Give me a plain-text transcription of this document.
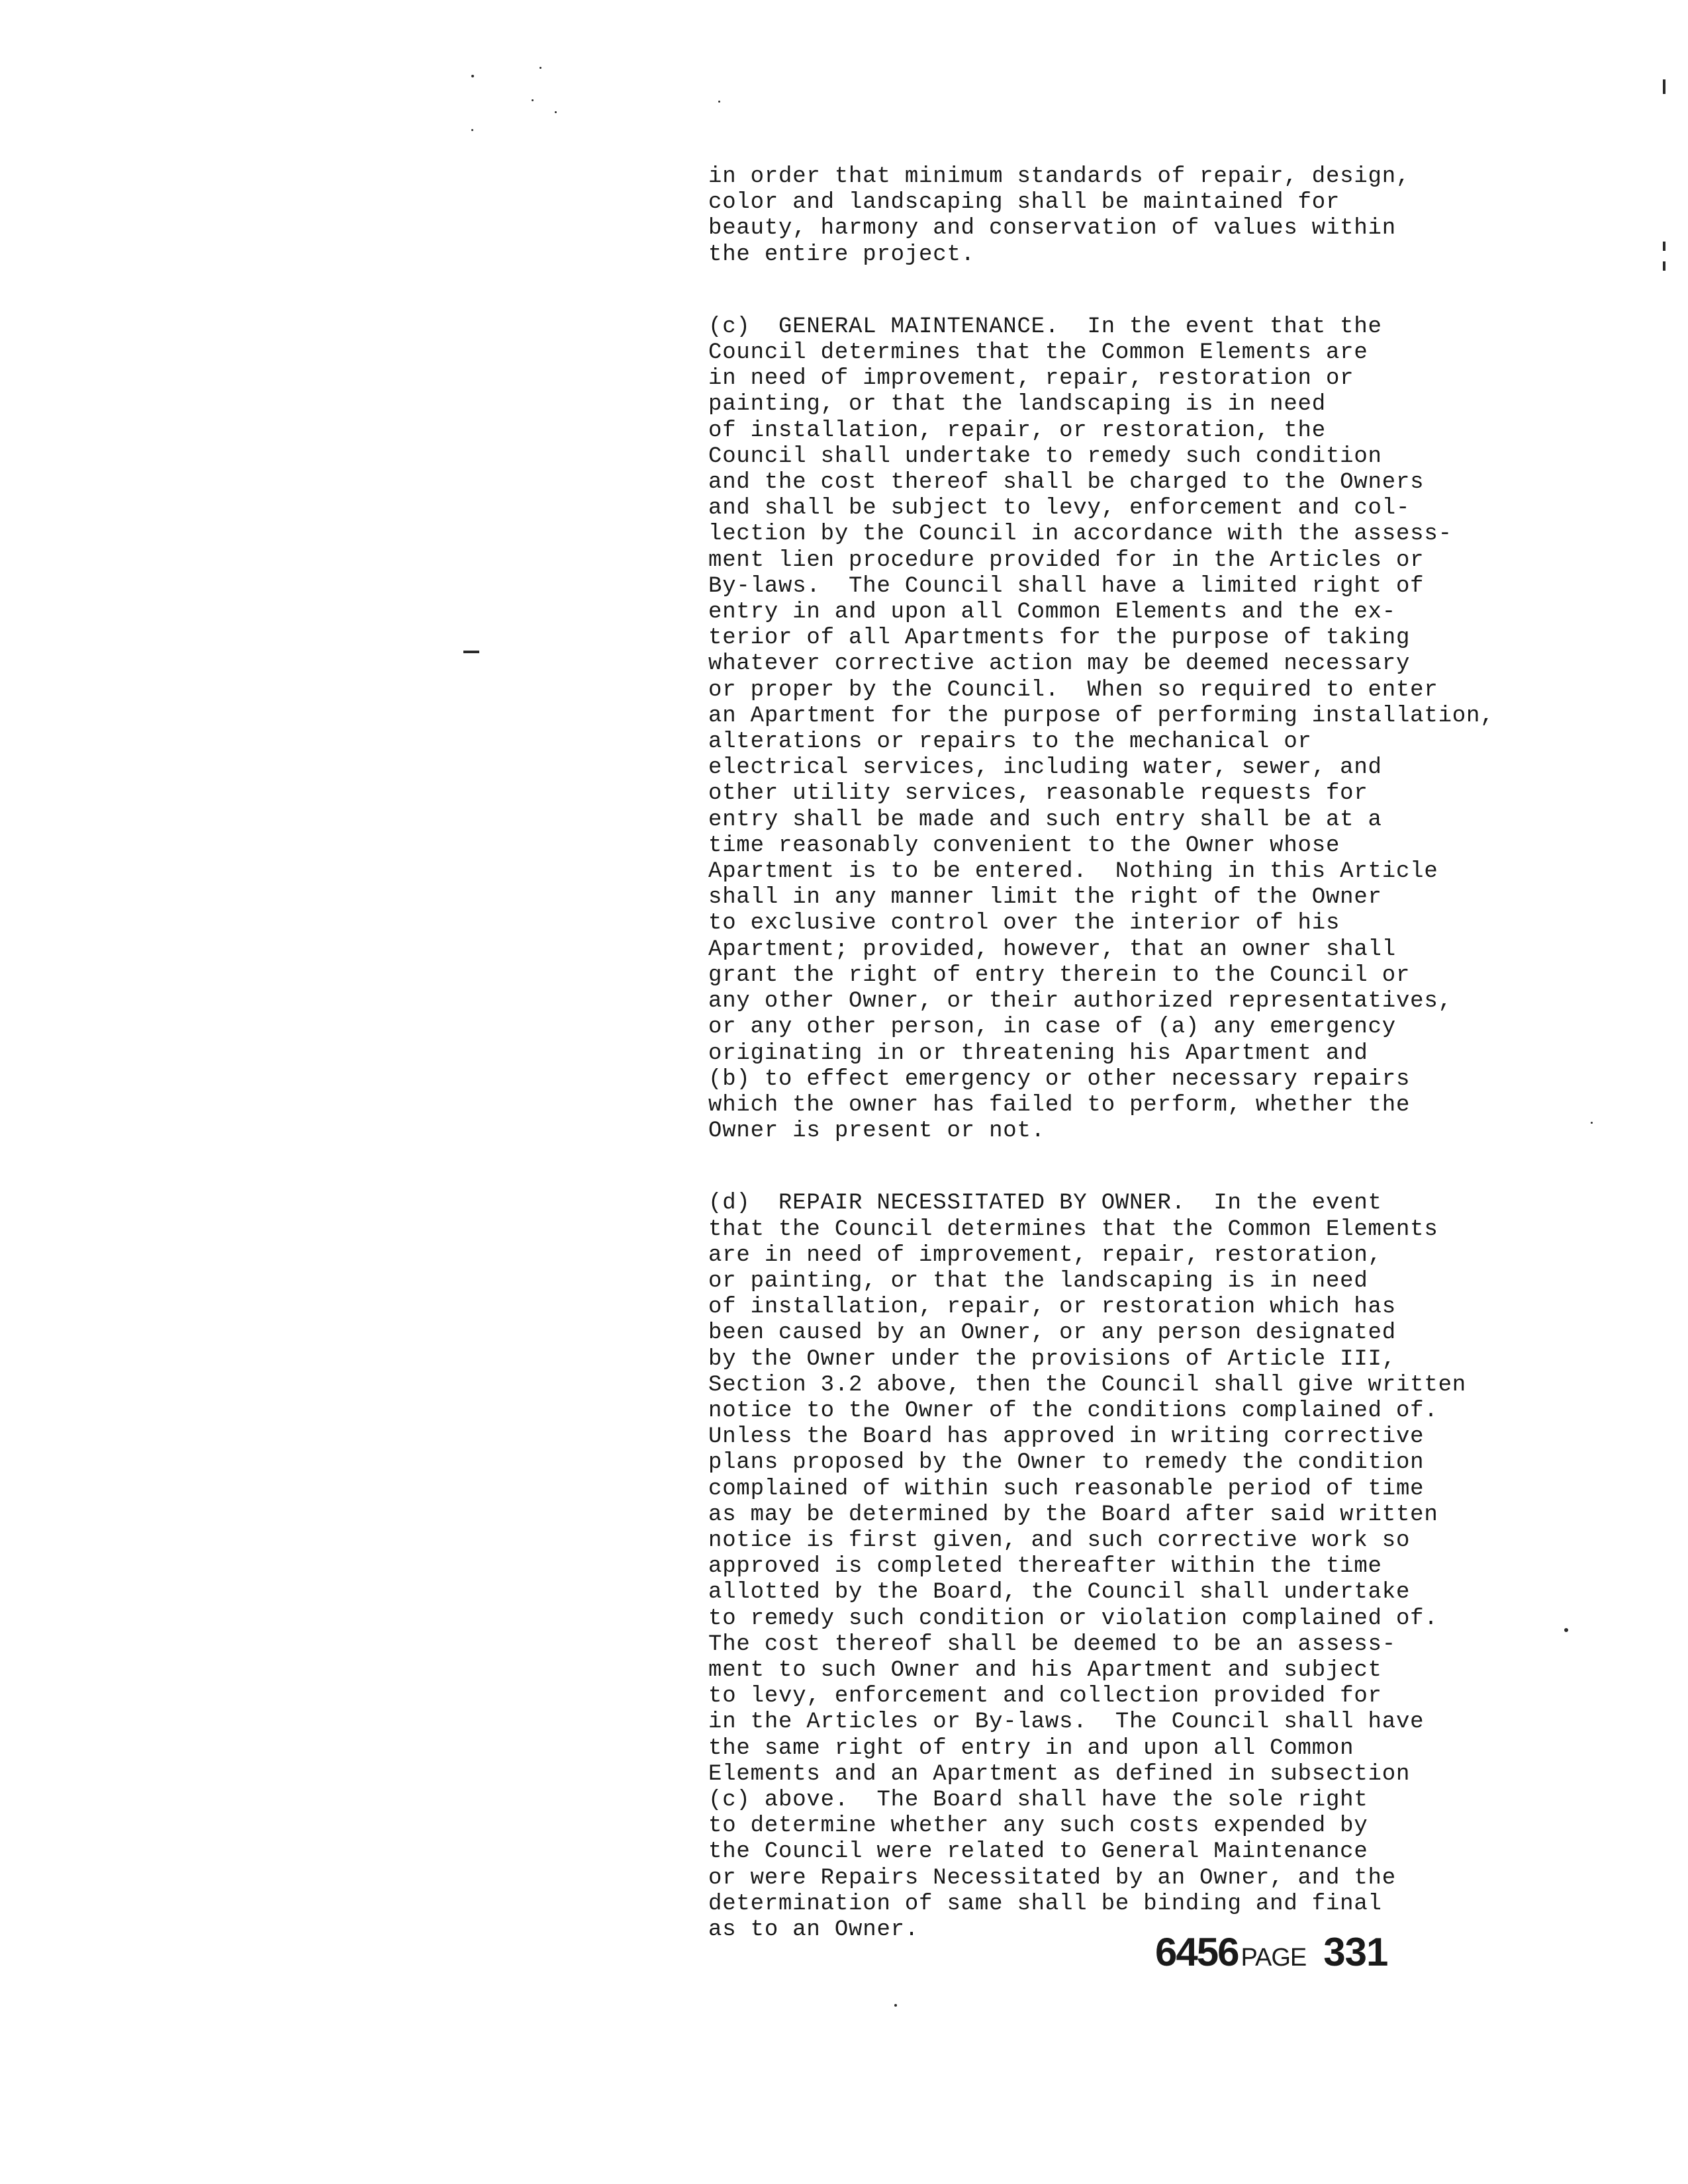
in order that minimum standards of repair, design,
color and landscaping shall be maintained for
beauty, harmony and conservation of values within
the entire project.

(c)  GENERAL MAINTENANCE.  In the event that the
Council determines that the Common Elements are
in need of improvement, repair, restoration or
painting, or that the landscaping is in need
of installation, repair, or restoration, the
Council shall undertake to remedy such condition
and the cost thereof shall be charged to the Owners
and shall be subject to levy, enforcement and col-
lection by the Council in accordance with the assess-
ment lien procedure provided for in the Articles or
By-laws.  The Council shall have a limited right of
entry in and upon all Common Elements and the ex-
terior of all Apartments for the purpose of taking
whatever corrective action may be deemed necessary
or proper by the Council.  When so required to enter
an Apartment for the purpose of performing installation,
alterations or repairs to the mechanical or
electrical services, including water, sewer, and
other utility services, reasonable requests for
entry shall be made and such entry shall be at a
time reasonably convenient to the Owner whose
Apartment is to be entered.  Nothing in this Article
shall in any manner limit the right of the Owner
to exclusive control over the interior of his
Apartment; provided, however, that an owner shall
grant the right of entry therein to the Council or
any other Owner, or their authorized representatives,
or any other person, in case of (a) any emergency
originating in or threatening his Apartment and
(b) to effect emergency or other necessary repairs
which the owner has failed to perform, whether the
Owner is present or not.

(d)  REPAIR NECESSITATED BY OWNER.  In the event
that the Council determines that the Common Elements
are in need of improvement, repair, restoration,
or painting, or that the landscaping is in need
of installation, repair, or restoration which has
been caused by an Owner, or any person designated
by the Owner under the provisions of Article III,
Section 3.2 above, then the Council shall give written
notice to the Owner of the conditions complained of.
Unless the Board has approved in writing corrective
plans proposed by the Owner to remedy the condition
complained of within such reasonable period of time
as may be determined by the Board after said written
notice is first given, and such corrective work so
approved is completed thereafter within the time
allotted by the Board, the Council shall undertake
to remedy such condition or violation complained of.
The cost thereof shall be deemed to be an assess-
ment to such Owner and his Apartment and subject
to levy, enforcement and collection provided for
in the Articles or By-laws.  The Council shall have
the same right of entry in and upon all Common
Elements and an Apartment as defined in subsection
(c) above.  The Board shall have the sole right
to determine whether any such costs expended by
the Council were related to General Maintenance
or were Repairs Necessitated by an Owner, and the
determination of same shall be binding and final
as to an Owner.	6456 PAGE 331
